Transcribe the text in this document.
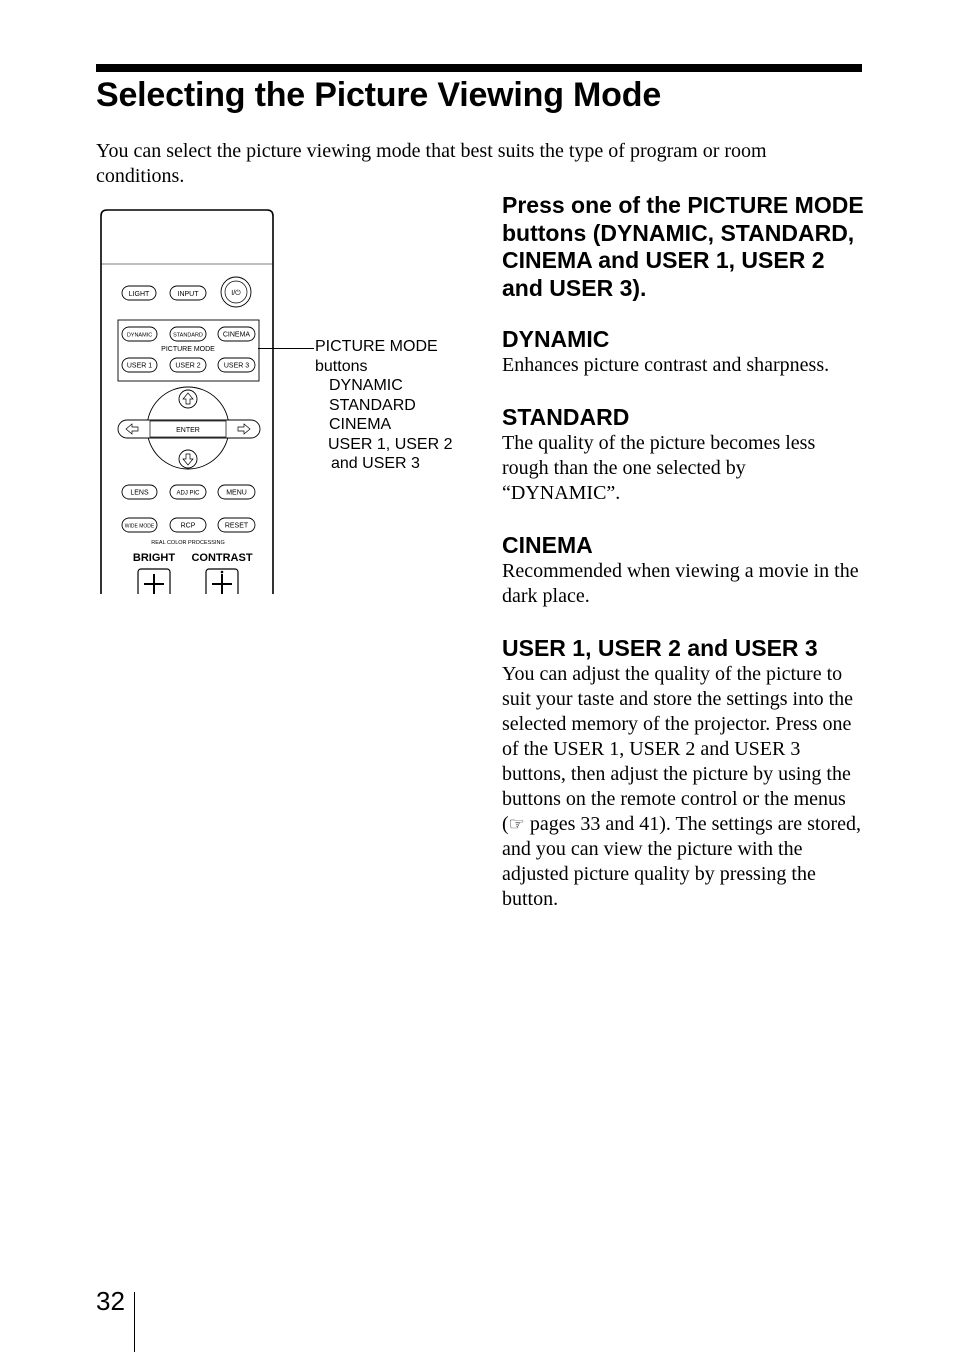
Selecting the Picture Viewing Mode

You can select the picture viewing mode that best suits the type of program or room conditions.

LIGHT	INPUT	I/⏻
DYNAMIC	STANDARD	CINEMA
PICTURE MODE
USER 1	USER 2	USER 3
ENTER
LENS	ADJ PIC	MENU
WIDE MODE	RCP	RESET
REAL COLOR PROCESSING
BRIGHT CONTRAST
PICTURE MODE
buttons
DYNAMIC
STANDARD
CINEMA
USER 1, USER 2
and USER 3

Press one of the PICTURE MODE buttons (DYNAMIC, STANDARD, CINEMA and USER 1, USER 2 and USER 3).

DYNAMIC

Enhances picture contrast and sharpness.

STANDARD

The quality of the picture becomes less rough than the one selected by “DYNAMIC”.

CINEMA

Recommended when viewing a movie in the dark place.

USER 1, USER 2 and USER 3

You can adjust the quality of the picture to suit your taste and store the settings into the selected memory of the projector. Press one of the USER 1, USER 2 and USER 3 buttons, then adjust the picture by using the buttons on the remote control or the menus (☞ pages 33 and 41). The settings are stored, and you can view the picture with the adjusted picture quality by pressing the button.

32
